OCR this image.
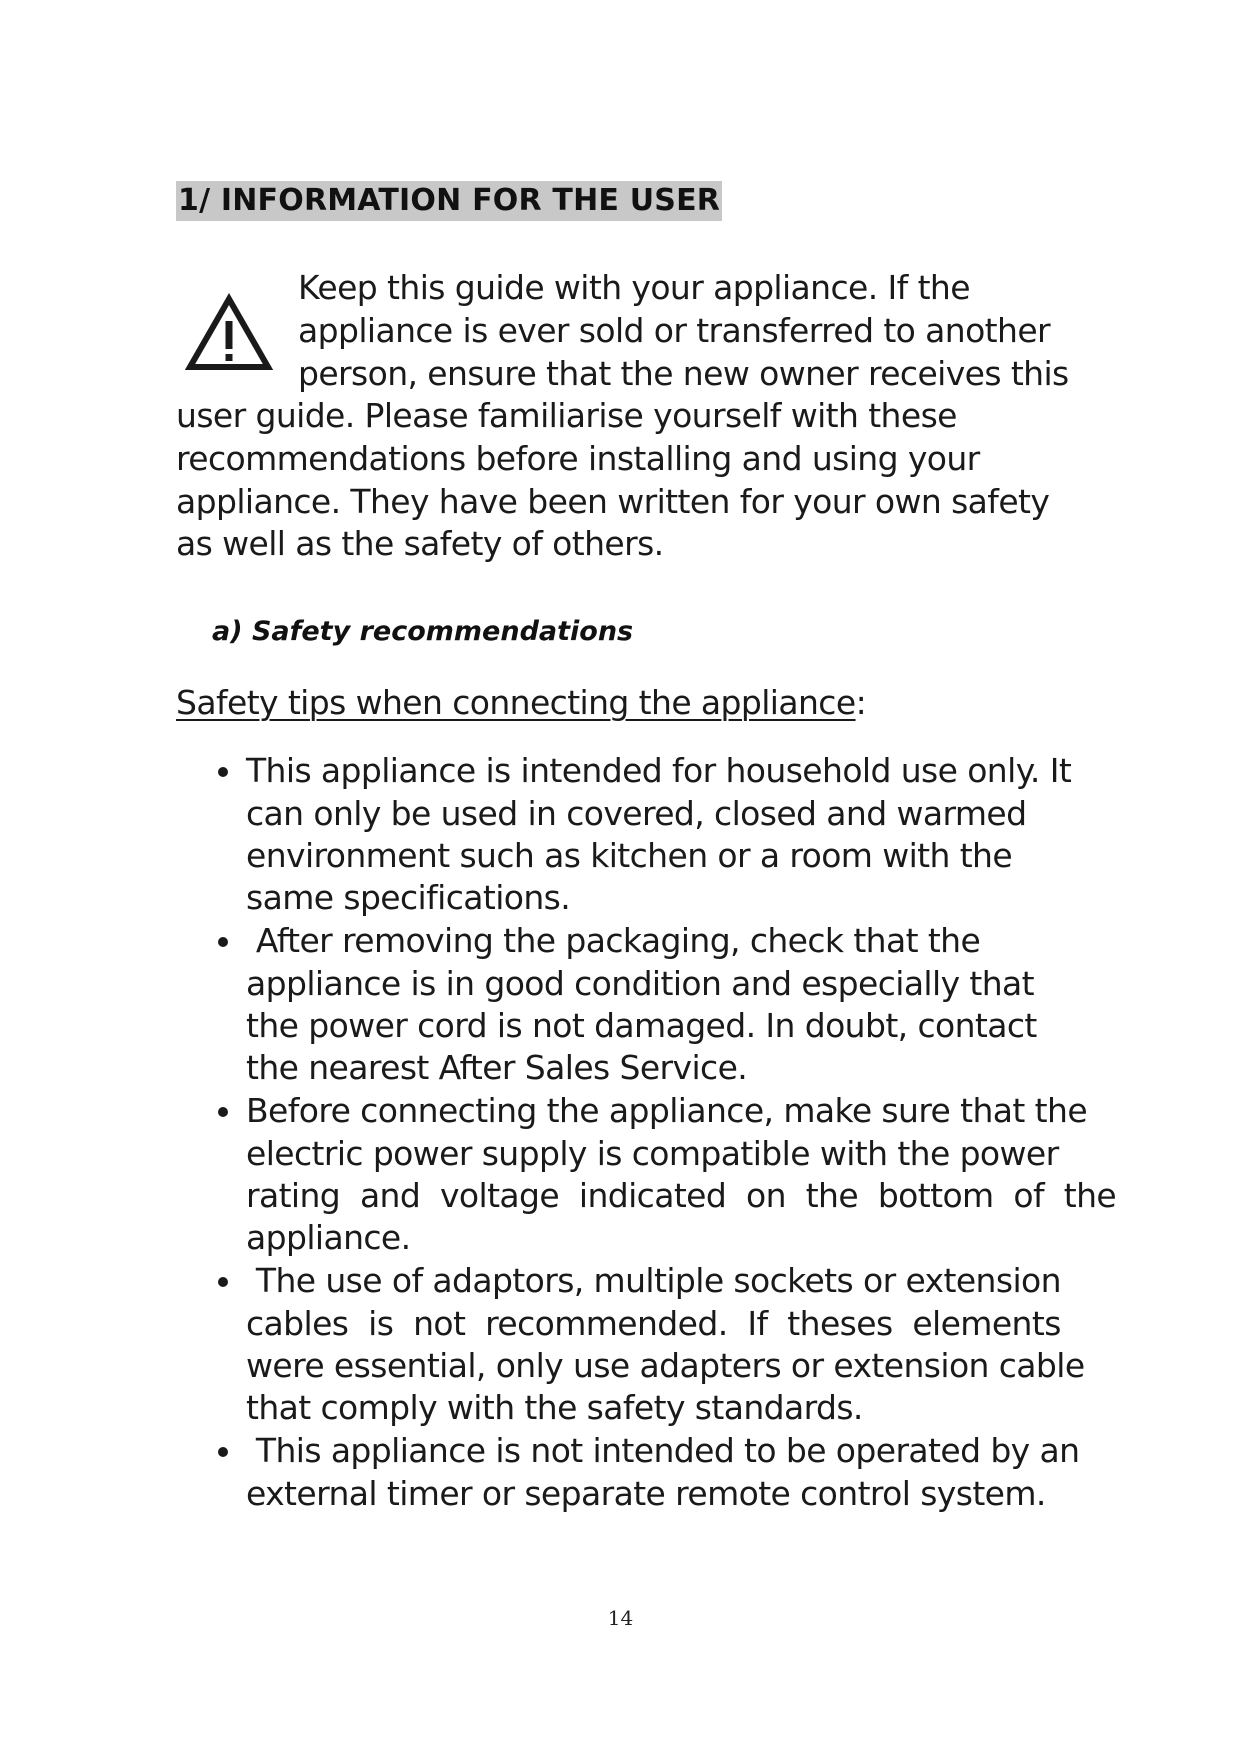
1/ INFORMATION FOR THE USER
Keep this guide with your appliance. If the
appliance is ever sold or transferred to another
person, ensure that the new owner receives this
user guide. Please familiarise yourself with these
recommendations before installing and using your
appliance. They have been written for your own safety
as well as the safety of others.
a) Safety recommendations
Safety tips when connecting the appliance:
This appliance is intended for household use only. It
can only be used in covered, closed and warmed
environment such as kitchen or a room with the
same specifications.
After removing the packaging, check that the
appliance is in good condition and especially that
the power cord is not damaged. In doubt, contact
the nearest After Sales Service.
Before connecting the appliance, make sure that the
electric power supply is compatible with the power
rating  and  voltage  indicated  on  the  bottom  of  the
appliance.
The use of adaptors, multiple sockets or extension
cables  is  not  recommended.  If  theses  elements
were essential, only use adapters or extension cable
that comply with the safety standards.
This appliance is not intended to be operated by an
external timer or separate remote control system.
14
